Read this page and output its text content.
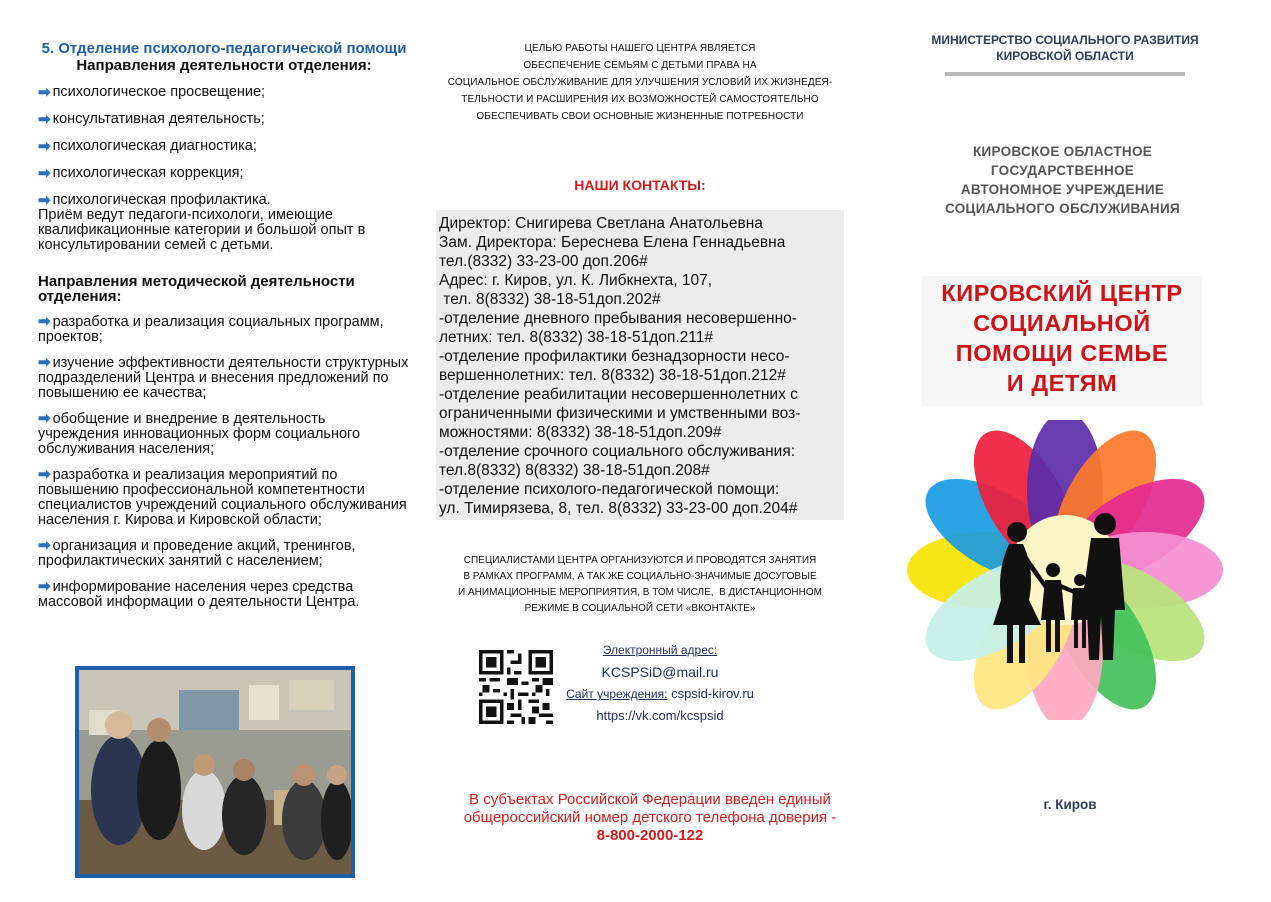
5. Отделение психолого-педагогической помощи
Направления деятельности отделения:
➡ психологическое просвещение;
➡ консультативная деятельность;
➡ психологическая диагностика;
➡ психологическая коррекция;
➡ психологическая профилактика.
Приём ведут педагоги-психологи, имеющие квалификационные категории и большой опыт в консультировании семей с детьми.
Направления методической деятельности отделения:
➡ разработка и реализация социальных программ, проектов;
➡ изучение эффективности деятельности структурных подразделений Центра и внесения предложений по повышению ее качества;
➡ обобщение и внедрение в деятельность учреждения инновационных форм социального обслуживания населения;
➡ разработка и реализация мероприятий по повышению профессиональной компетентности специалистов учреждений социального обслуживания населения г. Кирова и Кировской области;
➡ организация и проведение акций, тренингов, профилактических занятий с населением;
➡ информирование населения через средства массовой информации о деятельности Центра.
ЦЕЛЬЮ РАБОТЫ НАШЕГО ЦЕНТРА ЯВЛЯЕТСЯ
ОБЕСПЕЧЕНИЕ СЕМЬЯМ С ДЕТЬМИ ПРАВА НА
СОЦИАЛЬНОЕ ОБСЛУЖИВАНИЕ ДЛЯ УЛУЧШЕНИЯ УСЛОВИЙ ИХ ЖИЗНЕДЕЯ-
ТЕЛЬНОСТИ И РАСШИРЕНИЯ ИХ ВОЗМОЖНОСТЕЙ САМОСТОЯТЕЛЬНО
ОБЕСПЕЧИВАТЬ СВОИ ОСНОВНЫЕ ЖИЗНЕННЫЕ ПОТРЕБНОСТИ
НАШИ КОНТАКТЫ:
Директор: Снигирева Светлана Анатольевна
Зам. Директора: Береснева Елена Геннадьевна
тел.(8332) 33-23-00 доп.206#
Адрес: г. Киров, ул. К. Либкнехта, 107,
тел. 8(8332) 38-18-51доп.202#
-отделение дневного пребывания несовершенно-
летних: тел. 8(8332) 38-18-51доп.211#
-отделение профилактики безнадзорности несо-
вершеннолетних: тел. 8(8332) 38-18-51доп.212#
-отделение реабилитации несовершеннолетних с
ограниченными физическими и умственными воз-
можностями: 8(8332) 38-18-51доп.209#
-отделение срочного социального обслуживания:
тел.8(8332) 8(8332) 38-18-51доп.208#
-отделение психолого-педагогической помощи:
ул. Тимирязева, 8, тел. 8(8332) 33-23-00 доп.204#
СПЕЦИАЛИСТАМИ ЦЕНТРА ОРГАНИЗУЮТСЯ И ПРОВОДЯТСЯ ЗАНЯТИЯ
В РАМКАХ ПРОГРАММ, А ТАК ЖЕ СОЦИАЛЬНО-ЗНАЧИМЫЕ ДОСУГОВЫЕ
И АНИМАЦИОННЫЕ МЕРОПРИЯТИЯ, В ТОМ ЧИСЛЕ,  В ДИСТАНЦИОННОМ
РЕЖИМЕ В СОЦИАЛЬНОЙ СЕТИ «ВКОНТАКТЕ»
Электронный адрес:
KCSPSiD@mail.ru
Сайт учреждения: cspsid-kirov.ru
https://vk.com/kcspsid
В субъектах Российской Федерации введен единый общероссийский номер детского телефона доверия -
8-800-2000-122
МИНИСТЕРСТВО СОЦИАЛЬНОГО РАЗВИТИЯ КИРОВСКОЙ ОБЛАСТИ
КИРОВСКОЕ ОБЛАСТНОЕ
ГОСУДАРСТВЕННОЕ
АВТОНОМНОЕ УЧРЕЖДЕНИЕ
СОЦИАЛЬНОГО ОБСЛУЖИВАНИЯ
КИРОВСКИЙ ЦЕНТР
СОЦИАЛЬНОЙ
ПОМОЩИ СЕМЬЕ
И ДЕТЯМ
г. Киров
